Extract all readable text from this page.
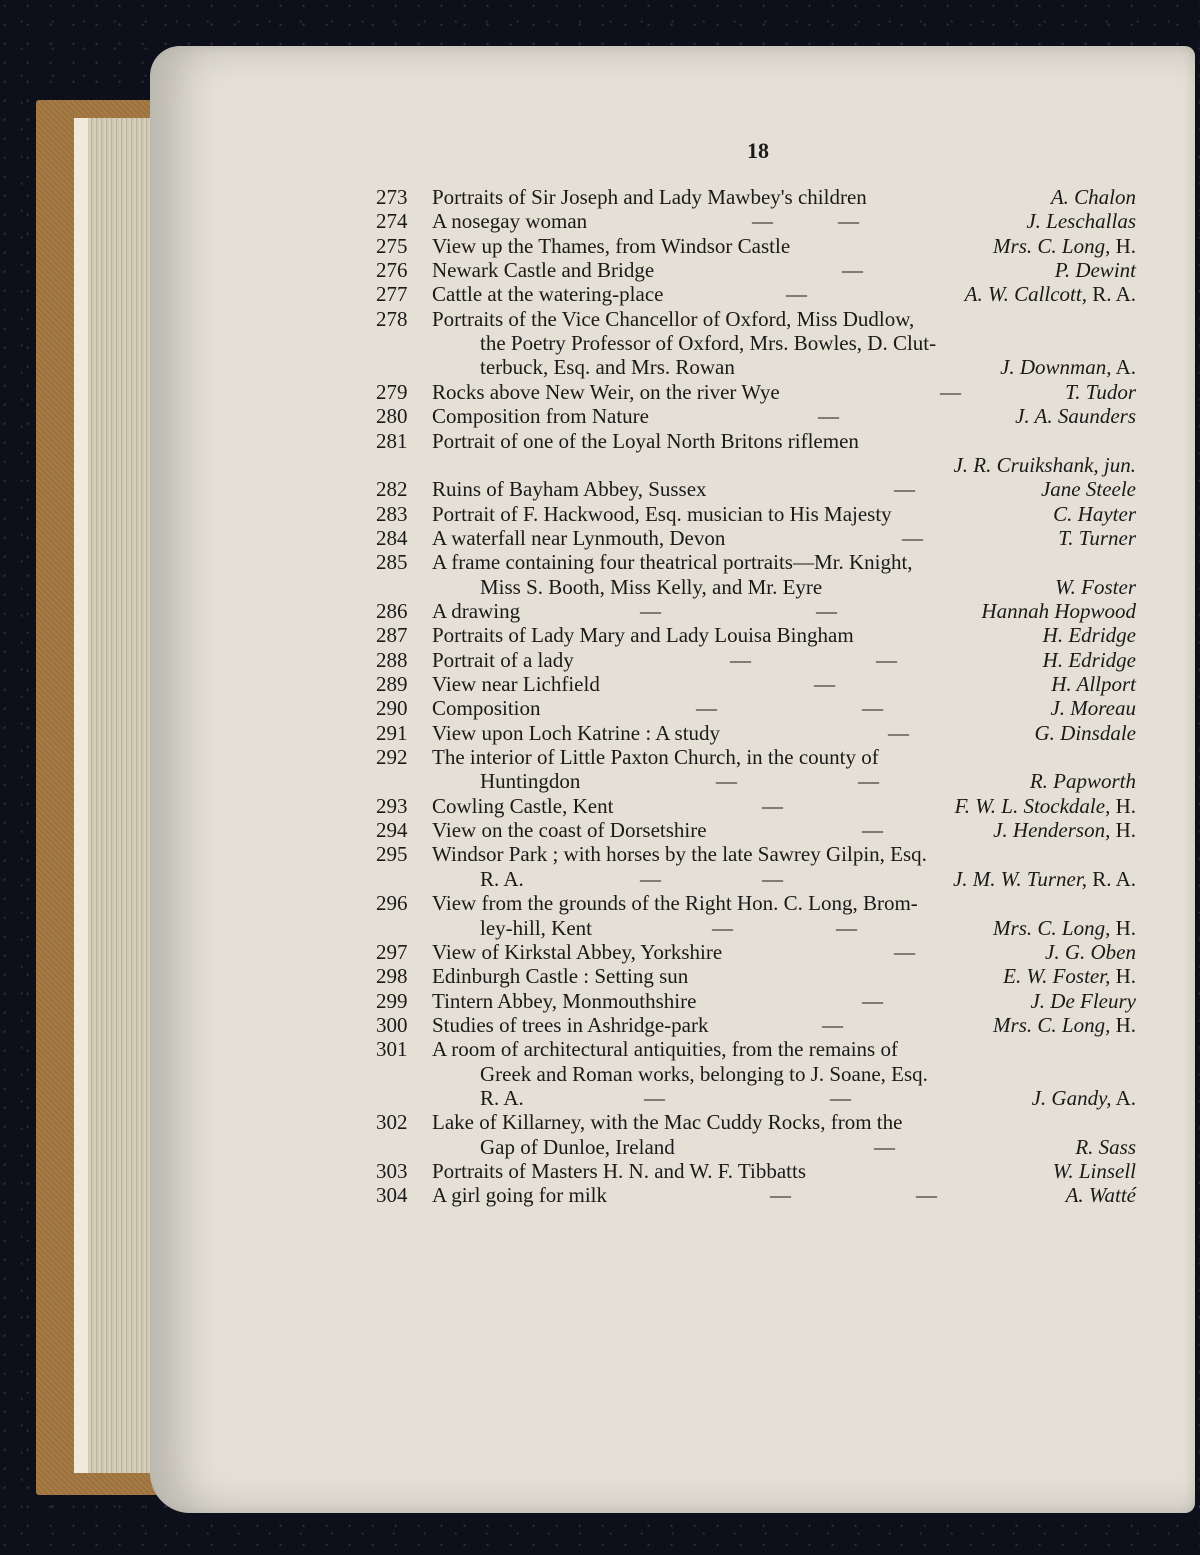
18
273	Portraits of Sir Joseph and Lady Mawbey's children	A. Chalon
274	A nosegay woman	—	—	J. Leschallas
275	View up the Thames, from Windsor Castle	Mrs. C. Long, H.
276	Newark Castle and Bridge	—	P. Dewint
277	Cattle at the watering-place	—	A. W. Callcott, R. A.
278	Portraits of the Vice Chancellor of Oxford, Miss Dudlow,
the Poetry Professor of Oxford, Mrs. Bowles, D. Clut-
terbuck, Esq. and Mrs. Rowan	J. Downman, A.
279	Rocks above New Weir, on the river Wye	—	T. Tudor
280	Composition from Nature	—	J. A. Saunders
281	Portrait of one of the Loyal North Britons riflemen
J. R. Cruikshank, jun.
282	Ruins of Bayham Abbey, Sussex	—	Jane Steele
283	Portrait of F. Hackwood, Esq. musician to His Majesty	C. Hayter
284	A waterfall near Lynmouth, Devon	—	T. Turner
285	A frame containing four theatrical portraits—Mr. Knight,
Miss S. Booth, Miss Kelly, and Mr. Eyre	W. Foster
286	A drawing	—	—	Hannah Hopwood
287	Portraits of Lady Mary and Lady Louisa Bingham	H. Edridge
288	Portrait of a lady	—	—	H. Edridge
289	View near Lichfield	—	H. Allport
290	Composition	—	—	J. Moreau
291	View upon Loch Katrine : A study	—	G. Dinsdale
292	The interior of Little Paxton Church, in the county of
Huntingdon	—	—	R. Papworth
293	Cowling Castle, Kent	—	F. W. L. Stockdale, H.
294	View on the coast of Dorsetshire	—	J. Henderson, H.
295	Windsor Park ; with horses by the late Sawrey Gilpin, Esq.
R. A.	—	—	J. M. W. Turner, R. A.
296	View from the grounds of the Right Hon. C. Long, Brom-
ley-hill, Kent	—	—	Mrs. C. Long, H.
297	View of Kirkstal Abbey, Yorkshire	—	J. G. Oben
298	Edinburgh Castle : Setting sun	E. W. Foster, H.
299	Tintern Abbey, Monmouthshire	—	J. De Fleury
300	Studies of trees in Ashridge-park	—	Mrs. C. Long, H.
301	A room of architectural antiquities, from the remains of
Greek and Roman works, belonging to J. Soane, Esq.
R. A.	—	—	J. Gandy, A.
302	Lake of Killarney, with the Mac Cuddy Rocks, from the
Gap of Dunloe, Ireland	—	R. Sass
303	Portraits of Masters H. N. and W. F. Tibbatts	W. Linsell
304	A girl going for milk	—	—	A. Watté
